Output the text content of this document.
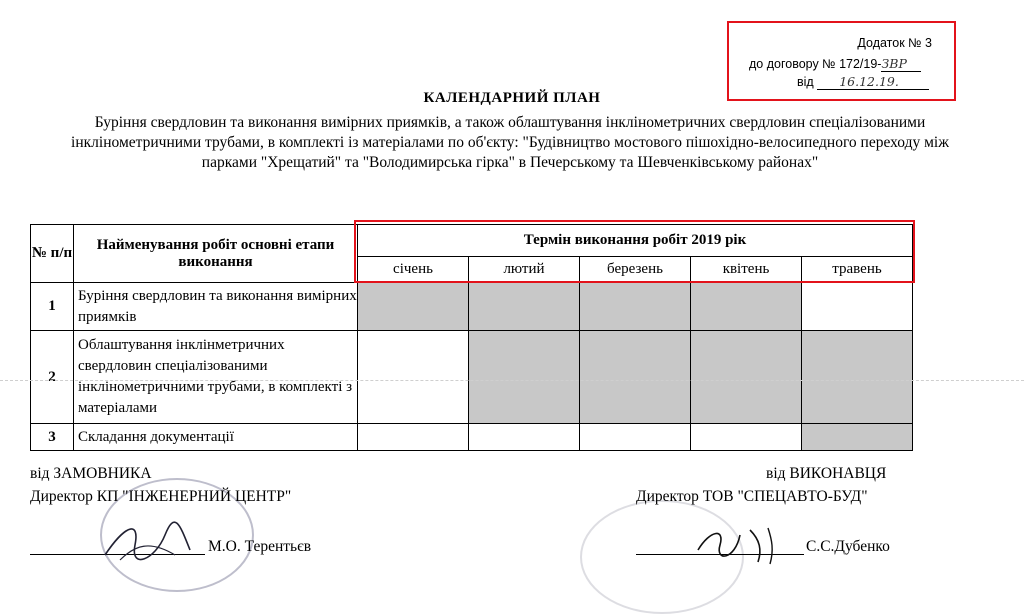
Додаток № 3
до договору № 172/19-ЗВР
від 16.12.19.
КАЛЕНДАРНИЙ ПЛАН
Буріння свердловин та виконання вимірних приямків, а також облаштування інклінометричних свердловин спеціалізованими інклінометричними трубами, в комплекті із матеріалами по об'єкту: "Будівництво мостового пішохідно-велосипедного переходу між парками "Хрещатий" та "Володимирська гірка" в Печерському та Шевченківському районах"
№ п/п	Найменування робіт основні етапи виконання	Термін виконання робіт 2019 рік				
		січень	лютий	березень	квітень	травень
1	Буріння свердловин та виконання вимірних приямків					
2	Облаштування інклінметричних свердловин спеціалізованими інклінометричними трубами, в комплекті з матеріалами					
3	Складання документації					
від ЗАМОВНИКА
Директор КП "ІНЖЕНЕРНИЙ ЦЕНТР"
М.О. Терентьєв
від ВИКОНАВЦЯ
Директор ТОВ "СПЕЦАВТО-БУД"
С.С.Дубенко
